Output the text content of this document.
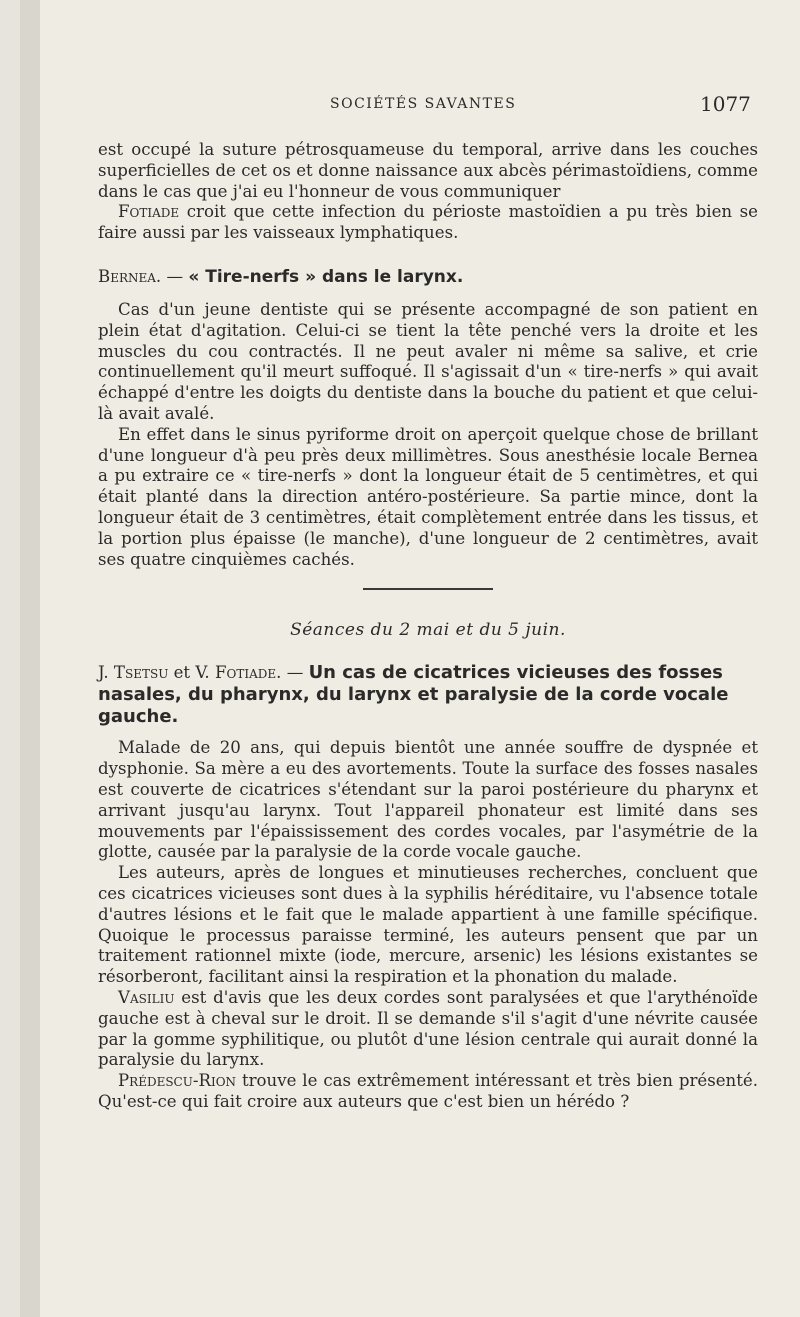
SOCIÉTÉS SAVANTES	1077

est occupé la suture pétrosquameuse du temporal, arrive dans les couches superficielles de cet os et donne naissance aux abcès périmastoïdiens, comme dans le cas que j'ai eu l'honneur de vous communiquer

Fotiade croit que cette infection du périoste mastoïdien a pu très bien se faire aussi par les vaisseaux lymphatiques.

Bernea. — « Tire-nerfs » dans le larynx.

Cas d'un jeune dentiste qui se présente accompagné de son patient en plein état d'agitation. Celui-ci se tient la tête penché vers la droite et les muscles du cou contractés. Il ne peut avaler ni même sa salive, et crie continuellement qu'il meurt suffoqué. Il s'agissait d'un « tire-nerfs » qui avait échappé d'entre les doigts du dentiste dans la bouche du patient et que celui-là avait avalé.

En effet dans le sinus pyriforme droit on aperçoit quelque chose de brillant d'une longueur d'à peu près deux millimètres. Sous anesthésie locale Bernea a pu extraire ce « tire-nerfs » dont la longueur était de 5 centimètres, et qui était planté dans la direction antéro-postérieure. Sa partie mince, dont la longueur était de 3 centimètres, était complètement entrée dans les tissus, et la portion plus épaisse (le manche), d'une longueur de 2 centimètres, avait ses quatre cinquièmes cachés.

Séances du 2 mai et du 5 juin.
J. Tsetsu et V. Fotiade. — Un cas de cicatrices vicieuses des fosses nasales, du pharynx, du larynx et paralysie de la corde vocale gauche.

Malade de 20 ans, qui depuis bientôt une année souffre de dyspnée et dysphonie. Sa mère a eu des avortements. Toute la surface des fosses nasales est couverte de cicatrices s'étendant sur la paroi postérieure du pharynx et arrivant jusqu'au larynx. Tout l'appareil phonateur est limité dans ses mouvements par l'épaississement des cordes vocales, par l'asymétrie de la glotte, causée par la paralysie de la corde vocale gauche.

Les auteurs, après de longues et minutieuses recherches, concluent que ces cicatrices vicieuses sont dues à la syphilis héréditaire, vu l'absence totale d'autres lésions et le fait que le malade appartient à une famille spécifique. Quoique le processus paraisse terminé, les auteurs pensent que par un traitement rationnel mixte (iode, mercure, arsenic) les lésions existantes se résorberont, facilitant ainsi la respiration et la phonation du malade.

Vasiliu est d'avis que les deux cordes sont paralysées et que l'arythénoïde gauche est à cheval sur le droit. Il se demande s'il s'agit d'une névrite causée par la gomme syphilitique, ou plutôt d'une lésion centrale qui aurait donné la paralysie du larynx.

Prédescu-Rion trouve le cas extrêmement intéressant et très bien présenté. Qu'est-ce qui fait croire aux auteurs que c'est bien un hérédo ?
